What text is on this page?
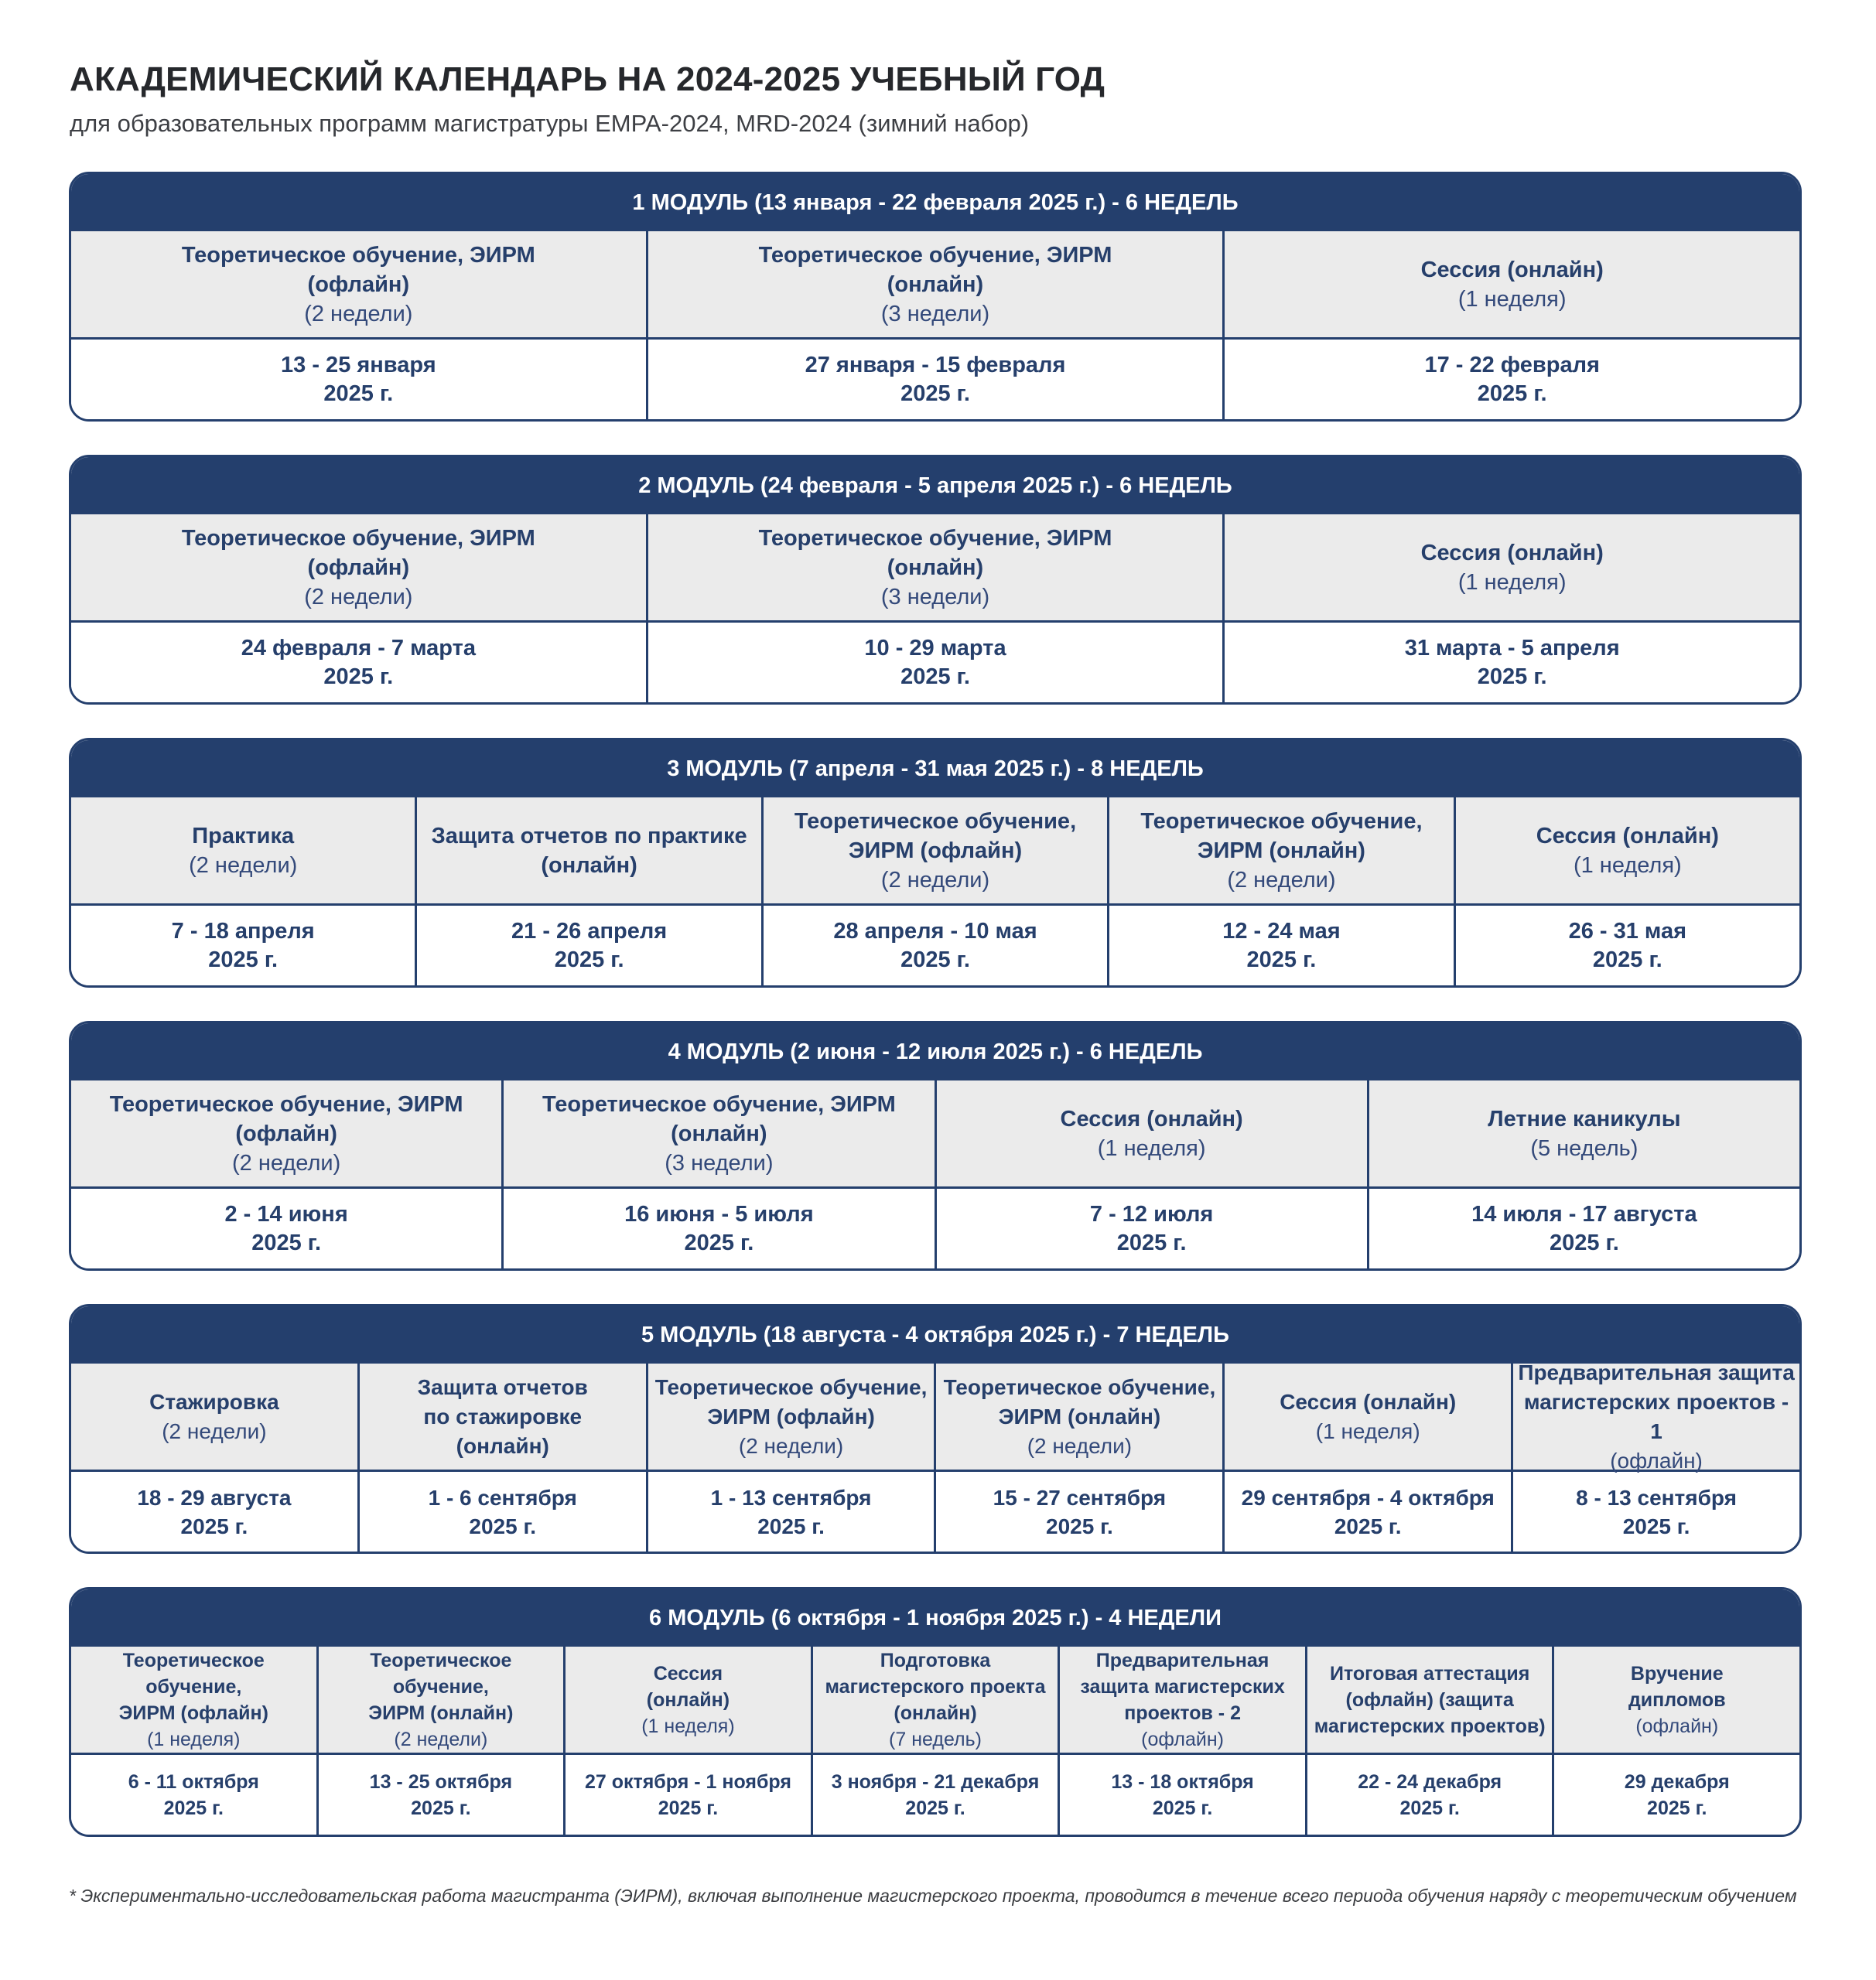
АКАДЕМИЧЕСКИЙ КАЛЕНДАРЬ НА 2024-2025 УЧЕБНЫЙ ГОД
для образовательных программ магистратуры EMPA-2024, MRD-2024 (зимний набор)
1 МОДУЛЬ (13 января - 22 февраля 2025 г.) - 6 НЕДЕЛЬ
Теоретическое обучение, ЭИРМ
(офлайн)
(2 недели)
Теоретическое обучение, ЭИРМ
(онлайн)
(3 недели)
Сессия (онлайн)
(1 неделя)
13 - 25 января
2025 г.
27 января - 15 февраля
2025 г.
17 - 22 февраля
2025 г.
2 МОДУЛЬ (24 февраля - 5 апреля 2025 г.) - 6 НЕДЕЛЬ
Теоретическое обучение, ЭИРМ
(офлайн)
(2 недели)
Теоретическое обучение, ЭИРМ
(онлайн)
(3 недели)
Сессия (онлайн)
(1 неделя)
24 февраля - 7 марта
2025 г.
10 - 29 марта
2025 г.
31 марта - 5 апреля
2025 г.
3 МОДУЛЬ (7 апреля - 31 мая 2025 г.) - 8 НЕДЕЛЬ
Практика
(2 недели)
Защита отчетов по практике
(онлайн)
Теоретическое обучение,
ЭИРМ (офлайн)
(2 недели)
Теоретическое обучение,
ЭИРМ (онлайн)
(2 недели)
Сессия (онлайн)
(1 неделя)
7 - 18 апреля
2025 г.
21 - 26 апреля
2025 г.
28 апреля - 10 мая
2025 г.
12 - 24 мая
2025 г.
26 - 31 мая
2025 г.
4 МОДУЛЬ (2 июня - 12 июля 2025 г.) - 6 НЕДЕЛЬ
Теоретическое обучение, ЭИРМ
(офлайн)
(2 недели)
Теоретическое обучение, ЭИРМ
(онлайн)
(3 недели)
Сессия (онлайн)
(1 неделя)
Летние каникулы
(5 недель)
2 - 14 июня
2025 г.
16 июня - 5 июля
2025 г.
7 - 12 июля
2025 г.
14 июля - 17 августа
2025 г.
5 МОДУЛЬ (18 августа - 4 октября 2025 г.) - 7 НЕДЕЛЬ
Стажировка
(2 недели)
Защита отчетов
по стажировке
(онлайн)
Теоретическое обучение,
ЭИРМ (офлайн)
(2 недели)
Теоретическое обучение,
ЭИРМ (онлайн)
(2 недели)
Сессия (онлайн)
(1 неделя)
Предварительная защита
магистерских проектов - 1
(офлайн)
18 - 29 августа
2025 г.
1 - 6 сентября
2025 г.
1 - 13 сентября
2025 г.
15 - 27 сентября
2025 г.
29 сентября - 4 октября
2025 г.
8 - 13 сентября
2025 г.
6 МОДУЛЬ (6 октября - 1 ноября 2025 г.) - 4 НЕДЕЛИ
Теоретическое обучение,
ЭИРМ (офлайн)
(1 неделя)
Теоретическое обучение,
ЭИРМ (онлайн)
(2 недели)
Сессия
(онлайн)
(1 неделя)
Подготовка
магистерского проекта
(онлайн)
(7 недель)
Предварительная
защита магистерских
проектов - 2
(офлайн)
Итоговая аттестация
(офлайн) (защита
магистерских проектов)
Вручение
дипломов
(офлайн)
6 - 11 октября
2025 г.
13 - 25 октября
2025 г.
27 октября - 1 ноября
2025 г.
3 ноября - 21 декабря
2025 г.
13 - 18 октября
2025 г.
22 - 24 декабря
2025 г.
29 декабря
2025 г.
* Экспериментально-исследовательская работа магистранта (ЭИРМ), включая выполнение магистерского проекта, проводится в течение всего периода обучения наряду с теоретическим обучением
